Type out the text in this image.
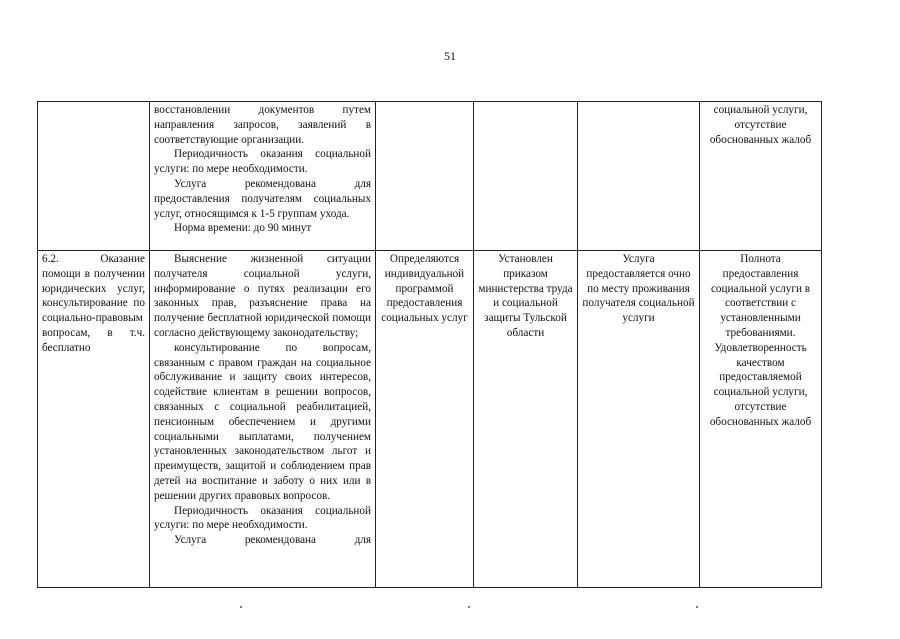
51

	восстановлении документов путем направления запросов, заявлений в соответствующие организации.

Периодичность оказания социальной услуги: по мере необходимости.

Услуга рекомендована для предоставления получателям социальных услуг, относящимся к 1-5 группам ухода.

Норма времени: до 90 минут				социальной услуги, отсутствие обоснованных жалоб

6.2. Оказание помощи в получении юридических услуг, консультирование по социально-правовым вопросам, в т.ч. бесплатно	Выяснение жизненной ситуации получателя социальной услуги, информирование о путях реализации его законных прав, разъяснение права на получение бесплатной юридической помощи согласно действующему законодательству;

консультирование по вопросам, связанным с правом граждан на социальное обслуживание и защиту своих интересов, содействие клиентам в решении вопросов, связанных с социальной реабилитацией, пенсионным обеспечением и другими социальными выплатами, получением установленных законодательством льгот и преимуществ, защитой и соблюдением прав детей на воспитание и заботу о них или в решении других правовых вопросов.

Периодичность оказания социальной услуги: по мере необходимости.

Услуга рекомендована для	Определяются индивидуальной программой предоставления социальных услуг	Установлен приказом министерства труда и социальной защиты Тульской области	Услуга предоставляется очно по месту проживания получателя социальной услуги	Полнота предоставления социальной услуги в соответствии с установленными требованиями. Удовлетворенность качеством предоставляемой социальной услуги, отсутствие обоснованных жалоб
